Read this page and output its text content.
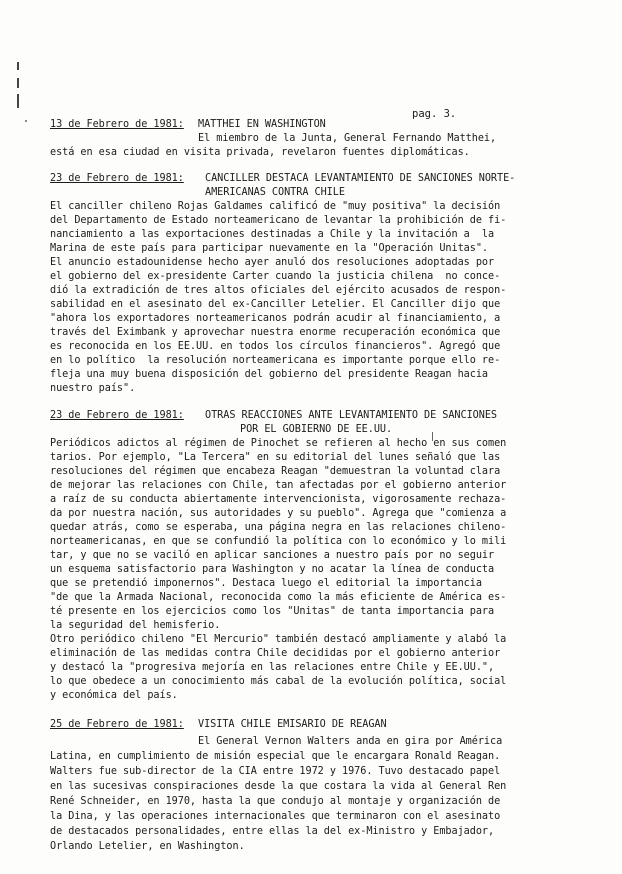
pag. 3.
13 de Febrero de 1981: MATTHEI EN WASHINGTON
El miembro de la Junta, General Fernando Matthei,
está en esa ciudad en visita privada, revelaron fuentes diplomáticas.
23 de Febrero de 1981: CANCILLER DESTACA LEVANTAMIENTO DE SANCIONES NORTE-
AMERICANAS CONTRA CHILE
El canciller chileno Rojas Galdames calificó de "muy positiva" la decisión
del Departamento de Estado norteamericano de levantar la prohibición de fi-
nanciamiento a las exportaciones destinadas a Chile y la invitación a  la
Marina de este país para participar nuevamente en la "Operación Unitas".
El anuncio estadounidense hecho ayer anuló dos resoluciones adoptadas por
el gobierno del ex-presidente Carter cuando la justicia chilena  no conce-
dió la extradición de tres altos oficiales del ejército acusados de respon-
sabilidad en el asesinato del ex-Canciller Letelier. El Canciller dijo que
"ahora los exportadores norteamericanos podrán acudir al financiamiento, a
través del Eximbank y aprovechar nuestra enorme recuperación económica que
es reconocida en los EE.UU. en todos los círculos financieros". Agregó que
en lo político  la resolución norteamericana es importante porque ello re-
fleja una muy buena disposición del gobierno del presidente Reagan hacia
nuestro país".
23 de Febrero de 1981: OTRAS REACCIONES ANTE LEVANTAMIENTO DE SANCIONES
POR EL GOBIERNO DE EE.UU.
Periódicos adictos al régimen de Pinochet se refieren al hecho en sus comen
tarios. Por ejemplo, "La Tercera" en su editorial del lunes señaló que las
resoluciones del régimen que encabeza Reagan "demuestran la voluntad clara
de mejorar las relaciones con Chile, tan afectadas por el gobierno anterior
a raíz de su conducta abiertamente intervencionista, vigorosamente rechaza-
da por nuestra nación, sus autoridades y su pueblo". Agrega que "comienza a
quedar atrás, como se esperaba, una página negra en las relaciones chileno-
norteamericanas, en que se confundió la política con lo económico y lo mili
tar, y que no se vaciló en aplicar sanciones a nuestro país por no seguir
un esquema satisfactorio para Washington y no acatar la línea de conducta
que se pretendió imponernos". Destaca luego el editorial la importancia
"de que la Armada Nacional, reconocida como la más eficiente de América es-
té presente en los ejercicios como los "Unitas" de tanta importancia para
la seguridad del hemisferio.
Otro periódico chileno "El Mercurio" también destacó ampliamente y alabó la
eliminación de las medidas contra Chile decididas por el gobierno anterior
y destacó la "progresiva mejoría en las relaciones entre Chile y EE.UU.",
lo que obedece a un conocimiento más cabal de la evolución política, social
y económica del país.
25 de Febrero de 1981: VISITA CHILE EMISARIO DE REAGAN
El General Vernon Walters anda en gira por América
Latina, en cumplimiento de misión especial que le encargara Ronald Reagan.
Walters fue sub-director de la CIA entre 1972 y 1976. Tuvo destacado papel
en las sucesivas conspiraciones desde la que costara la vida al General Ren
René Schneider, en 1970, hasta la que condujo al montaje y organización de
la Dina, y las operaciones internacionales que terminaron con el asesinato
de destacados personalidades, entre ellas la del ex-Ministro y Embajador,
Orlando Letelier, en Washington.
